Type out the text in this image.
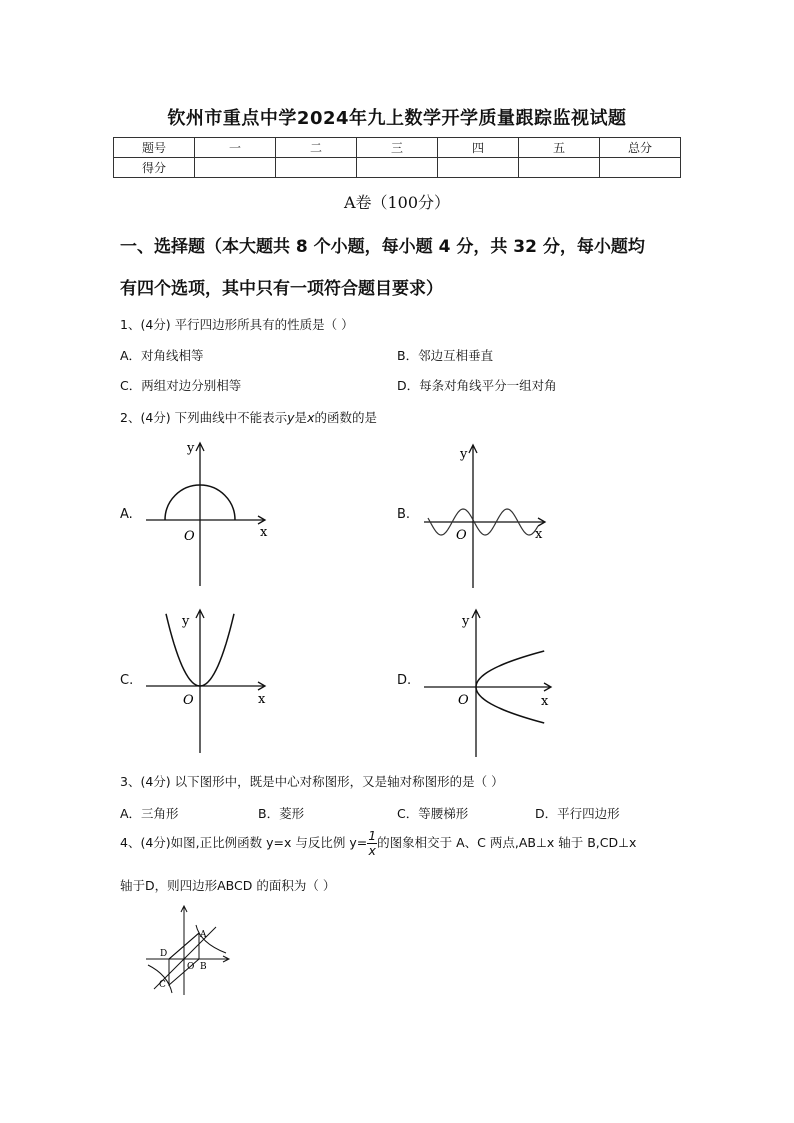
钦州市重点中学2024年九上数学开学质量跟踪监视试题
题号	一	二	三	四	五	总分
得分						
A卷（100分）
一、选择题（本大题共 8 个小题，每小题 4 分，共 32 分，每小题均
有四个选项，其中只有一项符合题目要求）
1、(4分) 平行四边形所具有的性质是（ ）
A．对角线相等	B．邻边互相垂直
C．两组对边分别相等	D．每条对角线平分一组对角
2、(4分) 下列曲线中不能表示y是x的函数的是
A.	B.
C.	D.
y
x
O
y
x
O
y
x
O
y
x
O
3、(4分) 以下图形中，既是中心对称图形，又是轴对称图形的是（ ）
A．三角形	B．菱形	C．等腰梯形	D．平行四边形
4、(4分)如图,正比例函数 y=x 与反比例 $y= \frac{1}{x}$ 的图象相交于 A、C 两点,AB⊥x 轴于 B,CD⊥x
轴于D，则四边形ABCD 的面积为（ ）
A
B
C
D
O
